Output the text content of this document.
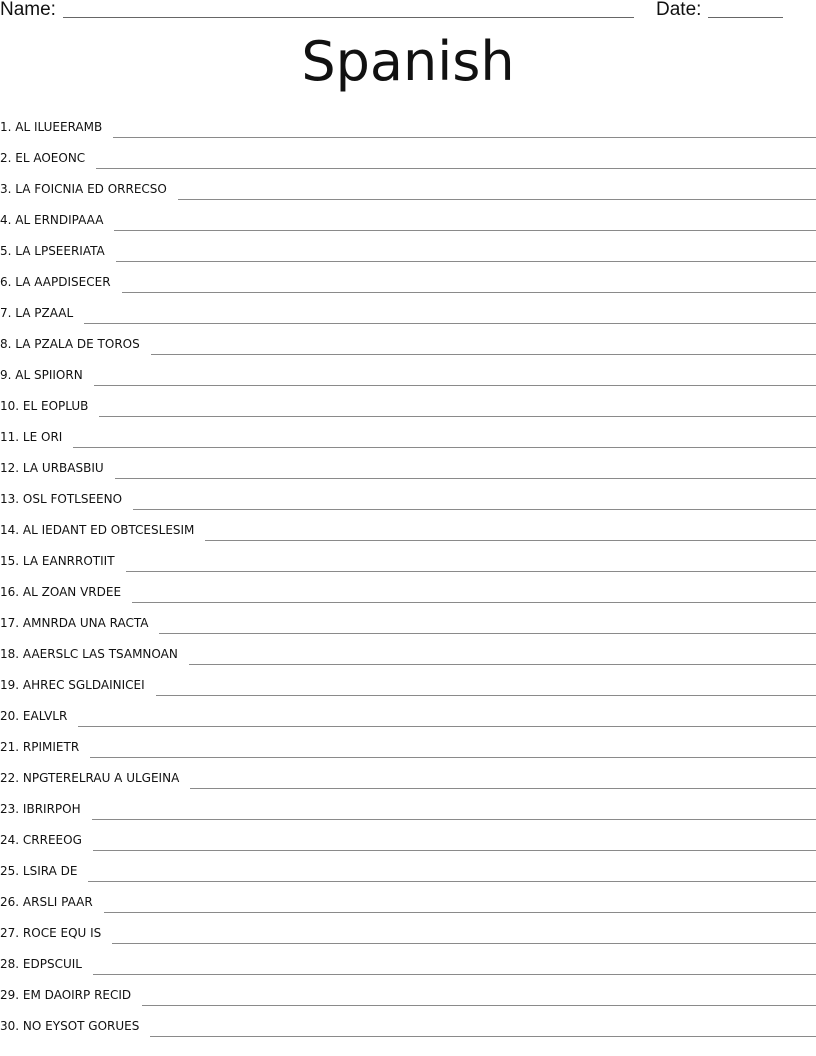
Name:	Date:
Spanish
1 . AL ILUEERAMB
2 . EL AOEONC
3 . LA FOICNIA ED ORRECSO
4 . AL ERNDIPAAA
5 . LA LPSEERIATA
6 . LA AAPDISECER
7 . LA PZAAL
8 . LA PZALA DE TOROS
9 . AL SPIIORN
10 . EL EOPLUB
11 . LE ORI
12 . LA URBASBIU
13 . OSL FOTLSEENO
14 . AL IEDANT ED OBTCESLESIM
15 . LA EANRROTIIT
16 . AL ZOAN VRDEE
17 . AMNRDA UNA RACTA
18 . AAERSLC LAS TSAMNOAN
19 . AHREC SGLDAINICEI
20 . EALVLR
21 . RPIMIETR
22 . NPGTERELRAU A ULGEINA
23 . IBRIRPOH
24 . CRREEOG
25 . LSIRA DE
26 . ARSLI PAAR
27 . ROCE EQU IS
28 . EDPSCUIL
29 . EM DAOIRP RECID
30 . NO EYSOT GORUES
